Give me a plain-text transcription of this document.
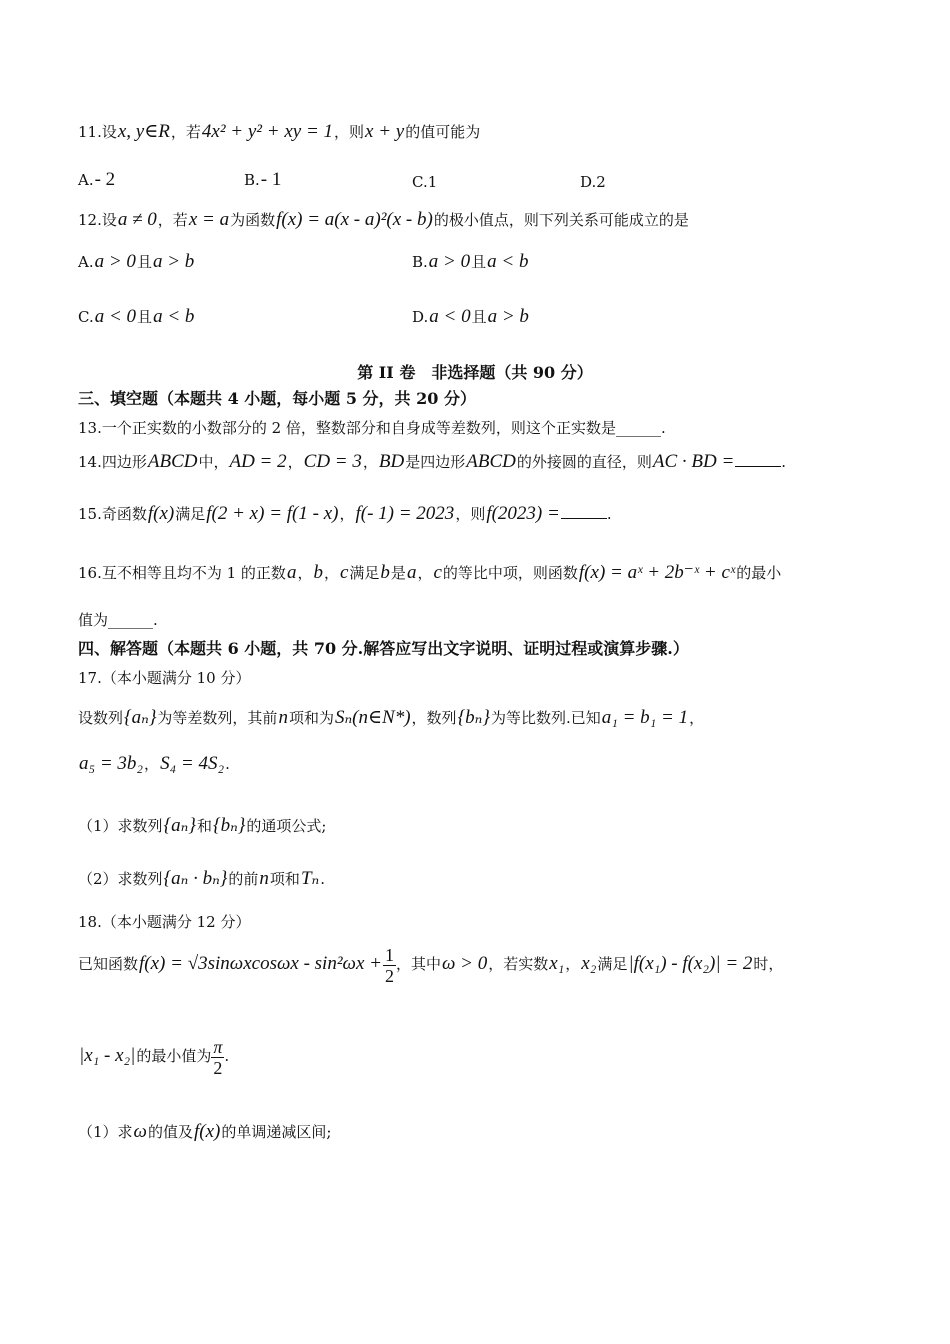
11.设x, y∈R，若4x² + y² + xy = 1，则x + y的值可能为
A.- 2	B.- 1	C.1	D.2
12.设a ≠ 0，若x = a为函数f(x) = a(x - a)²(x - b)的极小值点，则下列关系可能成立的是
A.a > 0且a > b	B.a > 0且a < b
C.a < 0且a < b	D.a < 0且a > b
第 II 卷　非选择题（共 90 分）
三、填空题（本题共 4 小题，每小题 5 分，共 20 分）
13.一个正实数的小数部分的 2 倍，整数部分和自身成等差数列，则这个正实数是______.
14.四边形ABCD中，AD = 2，CD = 3，BD是四边形ABCD的外接圆的直径，则AC · BD =	.
15.奇函数f(x)满足f(2 + x) = f(1 - x)，f(- 1) = 2023，则f(2023) =	.
16.互不相等且均不为 1 的正数a，b，c满足b是a，c的等比中项，则函数f(x) = aˣ + 2b⁻ˣ + cˣ的最小
值为______.
四、解答题（本题共 6 小题，共 70 分.解答应写出文字说明、证明过程或演算步骤.）
17.（本小题满分 10 分）
设数列{aₙ}为等差数列，其前n项和为Sₙ(n∈N*)，数列{bₙ}为等比数列.已知a₁ = b₁ = 1，
a₅ = 3b₂，S₄ = 4S₂.
（1）求数列{aₙ}和{bₙ}的通项公式;
（2）求数列{aₙ · bₙ}的前n项和Tₙ.
18.（本小题满分 12 分）
已知函数$f(x) = √3\sin\omega xcos\omega x - \sin^2\omega x + \frac{1}{2}$ ，其中ω > 0，若实数x₁，x₂满足|f(x₁) - f(x₂)| = 2时，
|x₁ - x₂|的最小值为 $\frac{\pi}{2}$ .
（1）求ω的值及f(x)的单调递减区间;
